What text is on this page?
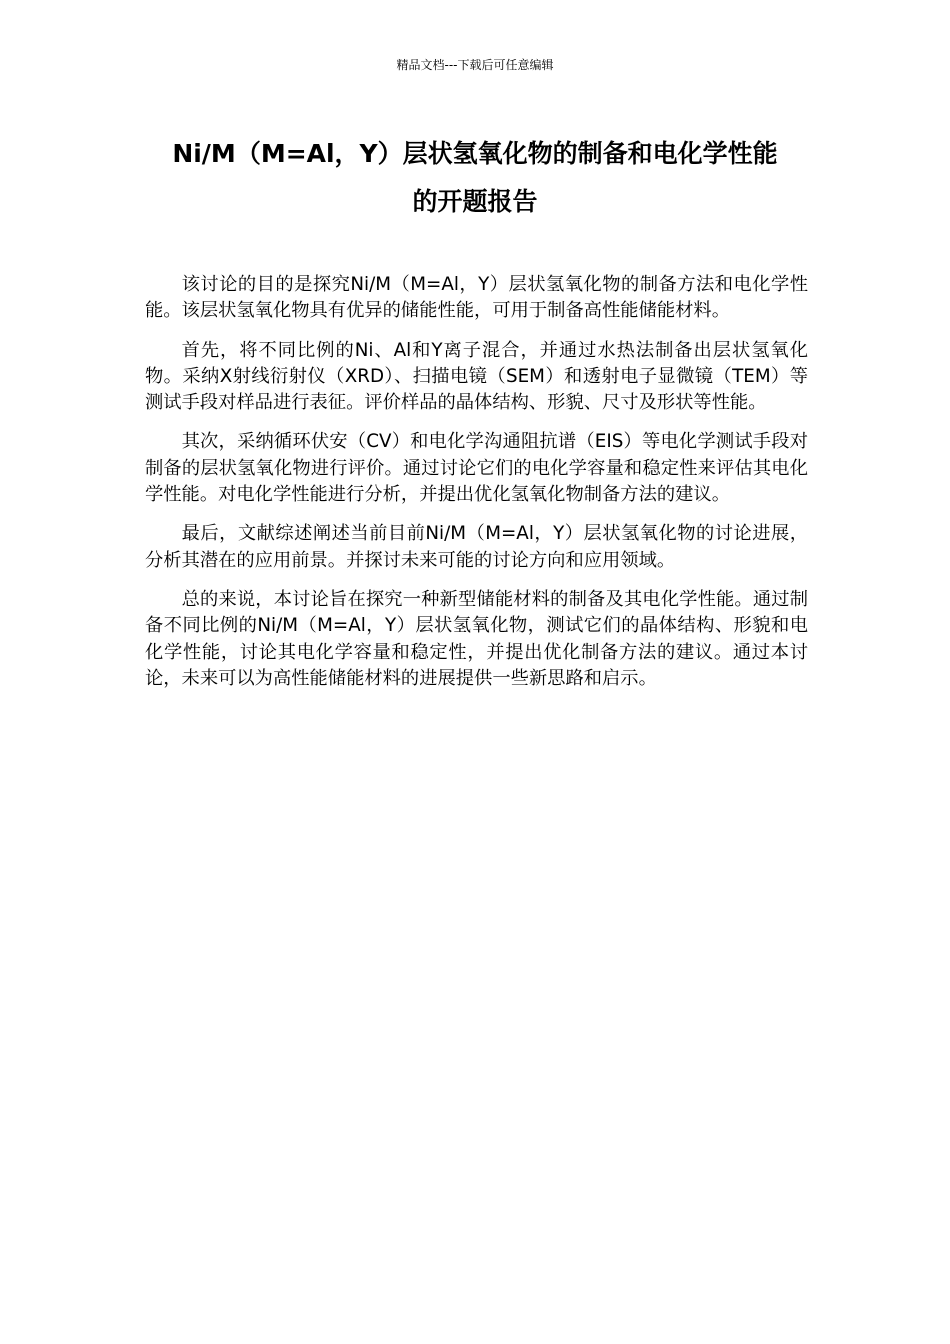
精品文档---下载后可任意编辑
Ni/M（M=Al，Y）层状氢氧化物的制备和电化学性能
的开题报告

该讨论的目的是探究Ni/M（M=Al，Y）层状氢氧化物的制备方法和电化学性能。该层状氢氧化物具有优异的储能性能，可用于制备高性能储能材料。

首先，将不同比例的Ni、Al和Y离子混合，并通过水热法制备出层状氢氧化物。采纳X射线衍射仪（XRD）、扫描电镜（SEM）和透射电子显微镜（TEM）等测试手段对样品进行表征。评价样品的晶体结构、形貌、尺寸及形状等性能。

其次，采纳循环伏安（CV）和电化学沟通阻抗谱（EIS）等电化学测试手段对制备的层状氢氧化物进行评价。通过讨论它们的电化学容量和稳定性来评估其电化学性能。对电化学性能进行分析，并提出优化氢氧化物制备方法的建议。

最后，文献综述阐述当前目前Ni/M（M=Al，Y）层状氢氧化物的讨论进展，分析其潜在的应用前景。并探讨未来可能的讨论方向和应用领域。

总的来说，本讨论旨在探究一种新型储能材料的制备及其电化学性能。通过制备不同比例的Ni/M（M=Al，Y）层状氢氧化物，测试它们的晶体结构、形貌和电化学性能，讨论其电化学容量和稳定性，并提出优化制备方法的建议。通过本讨论，未来可以为高性能储能材料的进展提供一些新思路和启示。
